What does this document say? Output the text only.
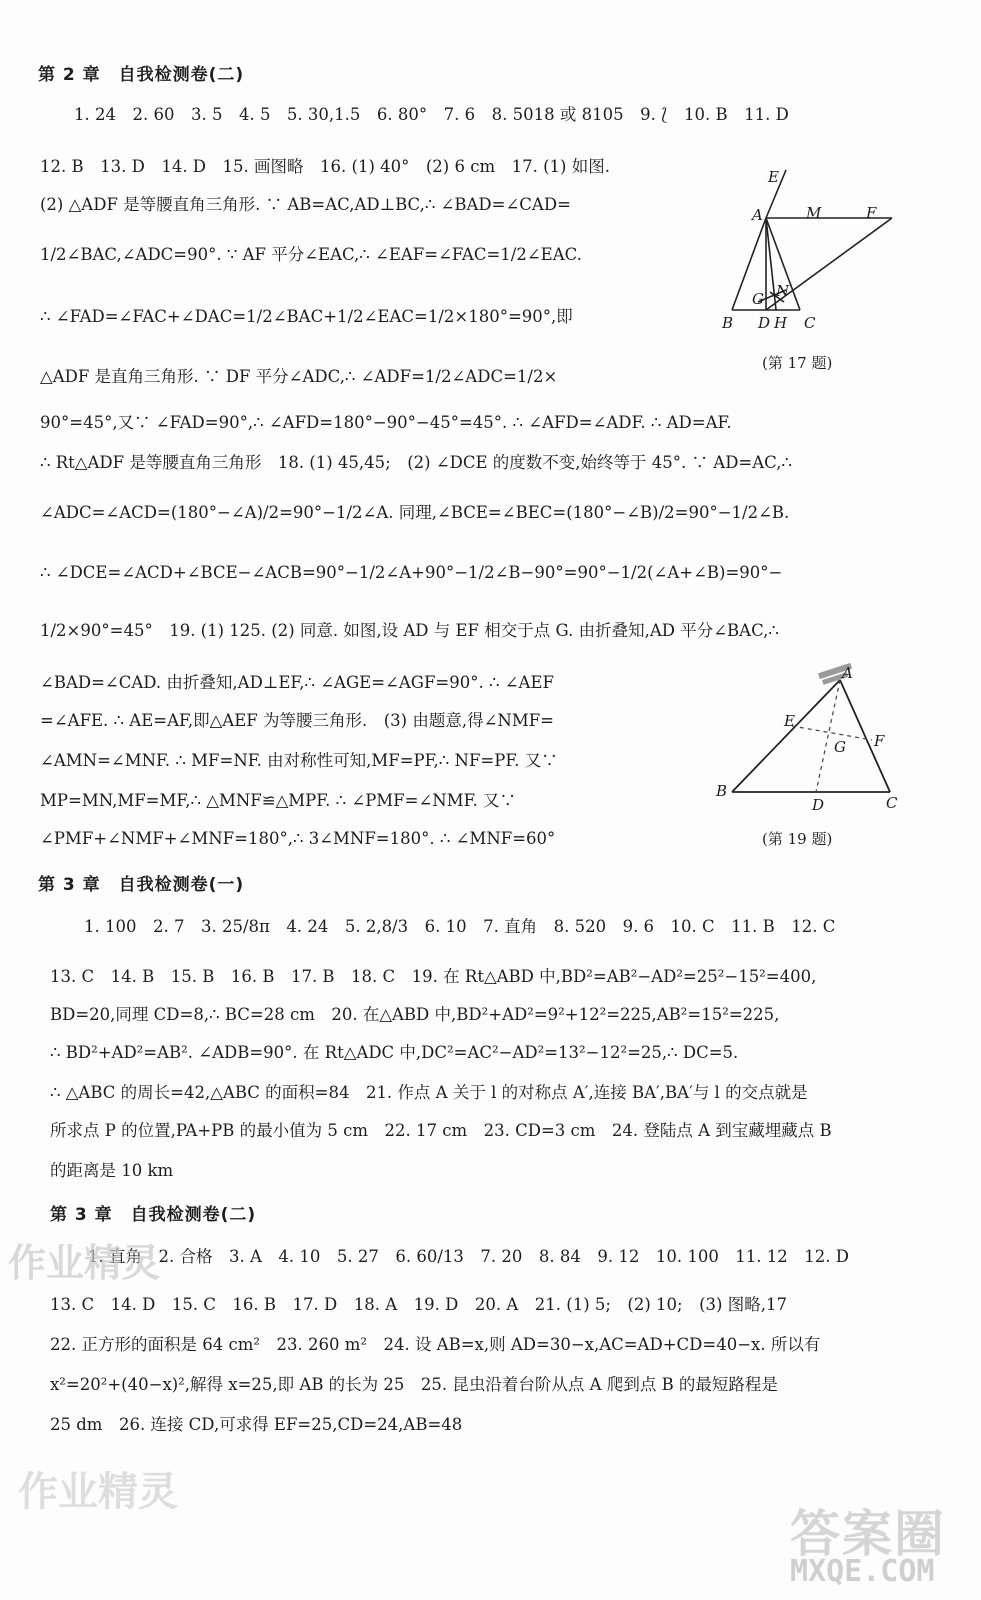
第 2 章　自我检测卷(二)
1. 24　2. 60　3. 5　4. 5　5. 30,1.5　6. 80°　7. 6　8. 5018 或 8105　9. ⟅　10. B　11. D
12. B　13. D　14. D　15. 画图略　16. (1) 40°　(2) 6 cm　17. (1) 如图.
(2) △ADF 是等腰直角三角形. ∵ AB=AC,AD⊥BC,∴ ∠BAD=∠CAD=
1/2∠BAC,∠ADC=90°. ∵ AF 平分∠EAC,∴ ∠EAF=∠FAC=1/2∠EAC.
∴ ∠FAD=∠FAC+∠DAC=1/2∠BAC+1/2∠EAC=1/2×180°=90°,即
△ADF 是直角三角形. ∵ DF 平分∠ADC,∴ ∠ADF=1/2∠ADC=1/2×
90°=45°,又∵ ∠FAD=90°,∴ ∠AFD=180°−90°−45°=45°. ∴ ∠AFD=∠ADF. ∴ AD=AF.
∴ Rt△ADF 是等腰直角三角形　18. (1) 45,45;　(2) ∠DCE 的度数不变,始终等于 45°. ∵ AD=AC,∴
∠ADC=∠ACD=(180°−∠A)/2=90°−1/2∠A. 同理,∠BCE=∠BEC=(180°−∠B)/2=90°−1/2∠B.
∴ ∠DCE=∠ACD+∠BCE−∠ACB=90°−1/2∠A+90°−1/2∠B−90°=90°−1/2(∠A+∠B)=90°−
1/2×90°=45°　19. (1) 125. (2) 同意. 如图,设 AD 与 EF 相交于点 G. 由折叠知,AD 平分∠BAC,∴
∠BAD=∠CAD. 由折叠知,AD⊥EF,∴ ∠AGE=∠AGF=90°. ∴ ∠AEF
=∠AFE. ∴ AE=AF,即△AEF 为等腰三角形.　(3) 由题意,得∠NMF=
∠AMN=∠MNF. ∴ MF=NF. 由对称性可知,MF=PF,∴ NF=PF. 又∵
MP=MN,MF=MF,∴ △MNF≌△MPF. ∴ ∠PMF=∠NMF. 又∵
∠PMF+∠NMF+∠MNF=180°,∴ 3∠MNF=180°. ∴ ∠MNF=60°
E
A	M	F
G N
B D H C
(第 17 题)
A
E
G F
B
D	C
(第 19 题)
第 3 章　自我检测卷(一)
1. 100　2. 7　3. 25/8π　4. 24　5. 2,8/3　6. 10　7. 直角　8. 520　9. 6　10. C　11. B　12. C
13. C　14. B　15. B　16. B　17. B　18. C　19. 在 Rt△ABD 中,BD²=AB²−AD²=25²−15²=400,
BD=20,同理 CD=8,∴ BC=28 cm　20. 在△ABD 中,BD²+AD²=9²+12²=225,AB²=15²=225,
∴ BD²+AD²=AB². ∠ADB=90°. 在 Rt△ADC 中,DC²=AC²−AD²=13²−12²=25,∴ DC=5.
∴ △ABC 的周长=42,△ABC 的面积=84　21. 作点 A 关于 l 的对称点 A′,连接 BA′,BA′与 l 的交点就是
所求点 P 的位置,PA+PB 的最小值为 5 cm　22. 17 cm　23. CD=3 cm　24. 登陆点 A 到宝藏埋藏点 B
的距离是 10 km
第 3 章　自我检测卷(二)
1. 直角　2. 合格　3. A　4. 10　5. 27　6. 60/13　7. 20　8. 84　9. 12　10. 100　11. 12　12. D
13. C　14. D　15. C　16. B　17. D　18. A　19. D　20. A　21. (1) 5;　(2) 10;　(3) 图略,17
22. 正方形的面积是 64 cm²　23. 260 m²　24. 设 AB=x,则 AD=30−x,AC=AD+CD=40−x. 所以有
x²=20²+(40−x)²,解得 x=25,即 AB 的长为 25　25. 昆虫沿着台阶从点 A 爬到点 B 的最短路程是
25 dm　26. 连接 CD,可求得 EF=25,CD=24,AB=48
作业精灵
作业精灵
答案圈
MXQE.COM
